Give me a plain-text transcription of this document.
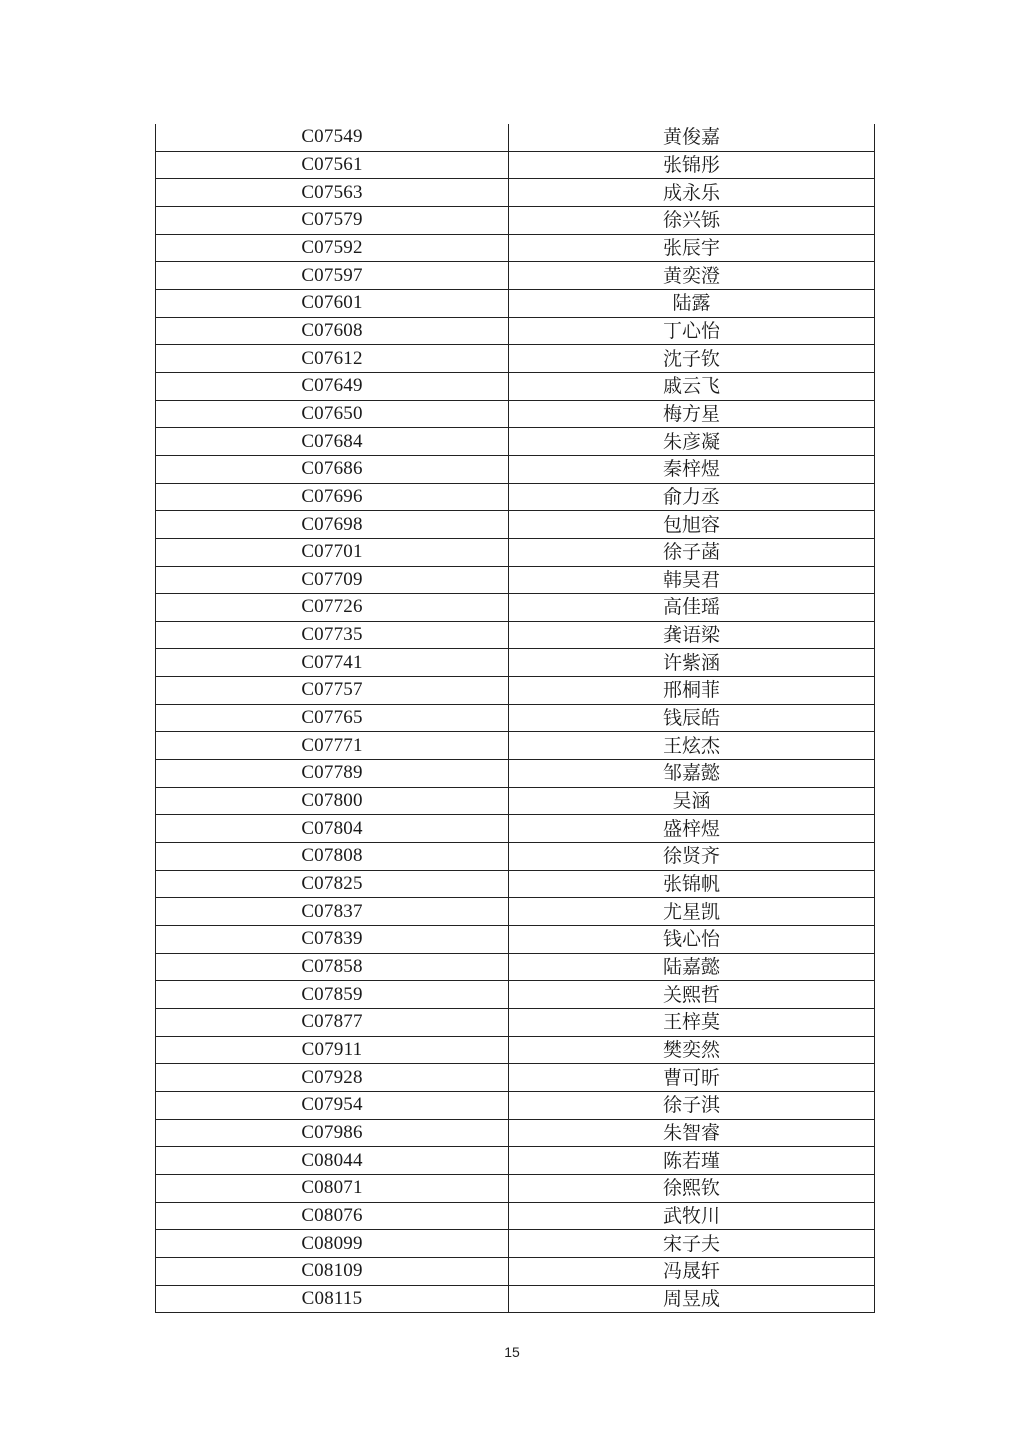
C07549	黄俊嘉
C07561	张锦彤
C07563	成永乐
C07579	徐兴铄
C07592	张辰宇
C07597	黄奕澄
C07601	陆露
C07608	丁心怡
C07612	沈子钦
C07649	戚云飞
C07650	梅方星
C07684	朱彦凝
C07686	秦梓煜
C07696	俞力丞
C07698	包旭容
C07701	徐子菡
C07709	韩昊君
C07726	高佳瑶
C07735	龚语梁
C07741	许紫涵
C07757	邢桐菲
C07765	钱辰皓
C07771	王炫杰
C07789	邹嘉懿
C07800	吴涵
C07804	盛梓煜
C07808	徐贤齐
C07825	张锦帆
C07837	尤星凯
C07839	钱心怡
C07858	陆嘉懿
C07859	关熙哲
C07877	王梓莫
C07911	樊奕然
C07928	曹可昕
C07954	徐子淇
C07986	朱智睿
C08044	陈若瑾
C08071	徐熙钦
C08076	武牧川
C08099	宋子夫
C08109	冯晟轩
C08115	周昱成
15
